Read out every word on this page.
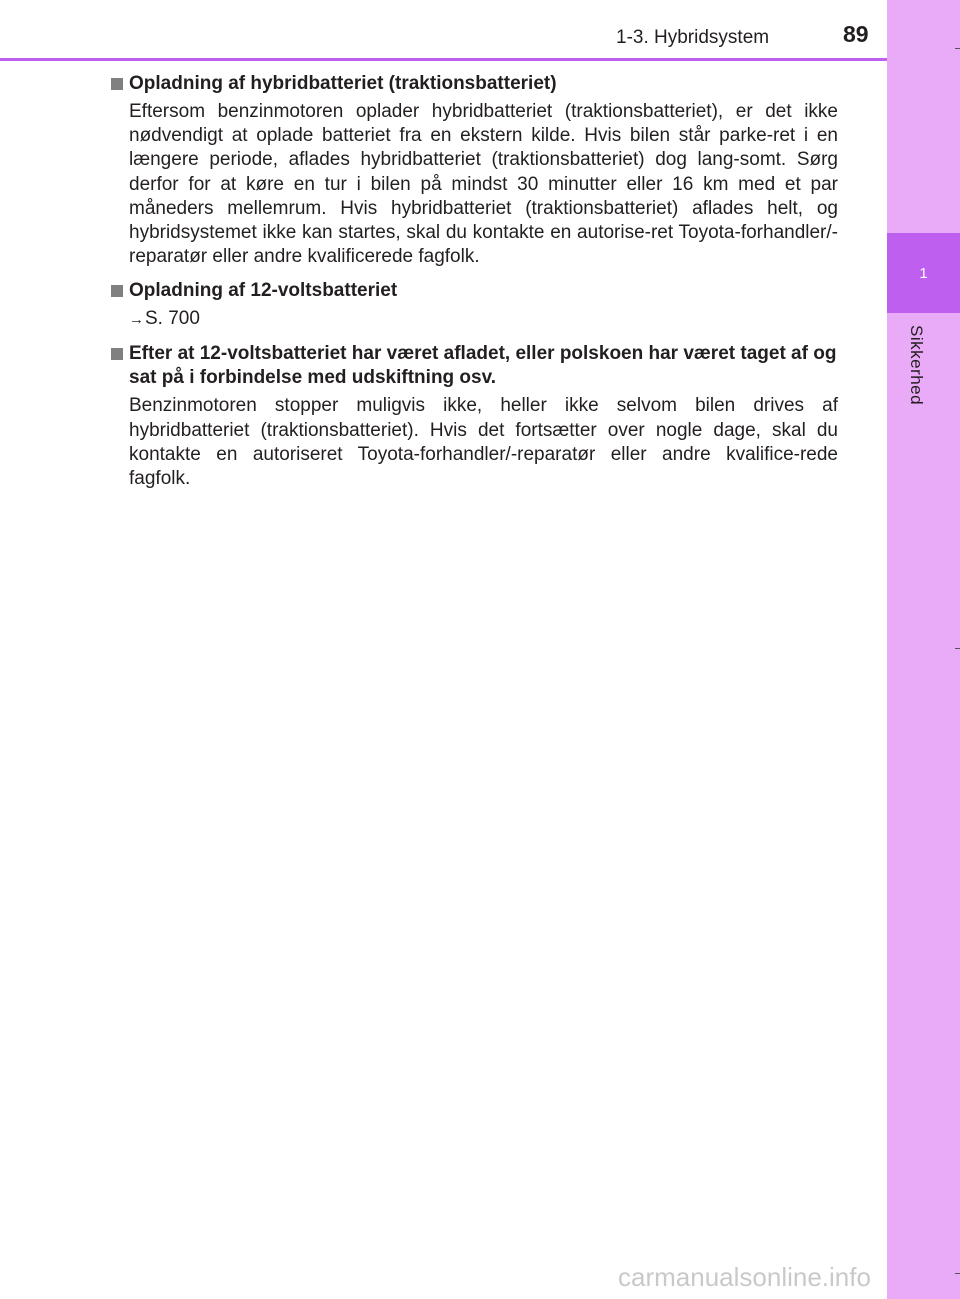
1
Sikkerhed
1-3. Hybridsystem	89
Opladning af hybridbatteriet (traktionsbatteriet)
Eftersom benzinmotoren oplader hybridbatteriet (traktionsbatteriet), er det ikke nødvendigt at oplade batteriet fra en ekstern kilde. Hvis bilen står parke-ret i en længere periode, aflades hybridbatteriet (traktionsbatteriet) dog lang-somt. Sørg derfor for at køre en tur i bilen på mindst 30 minutter eller 16 km med et par måneders mellemrum. Hvis hybridbatteriet (traktionsbatteriet) aflades helt, og hybridsystemet ikke kan startes, skal du kontakte en autorise-ret Toyota-forhandler/-reparatør eller andre kvalificerede fagfolk.
Opladning af 12-voltsbatteriet
→S. 700
Efter at 12-voltsbatteriet har været afladet, eller polskoen har været taget af og sat på i forbindelse med udskiftning osv.
Benzinmotoren stopper muligvis ikke, heller ikke selvom bilen drives af hybridbatteriet (traktionsbatteriet). Hvis det fortsætter over nogle dage, skal du kontakte en autoriseret Toyota-forhandler/-reparatør eller andre kvalifice-rede fagfolk.
carmanualsonline.info
